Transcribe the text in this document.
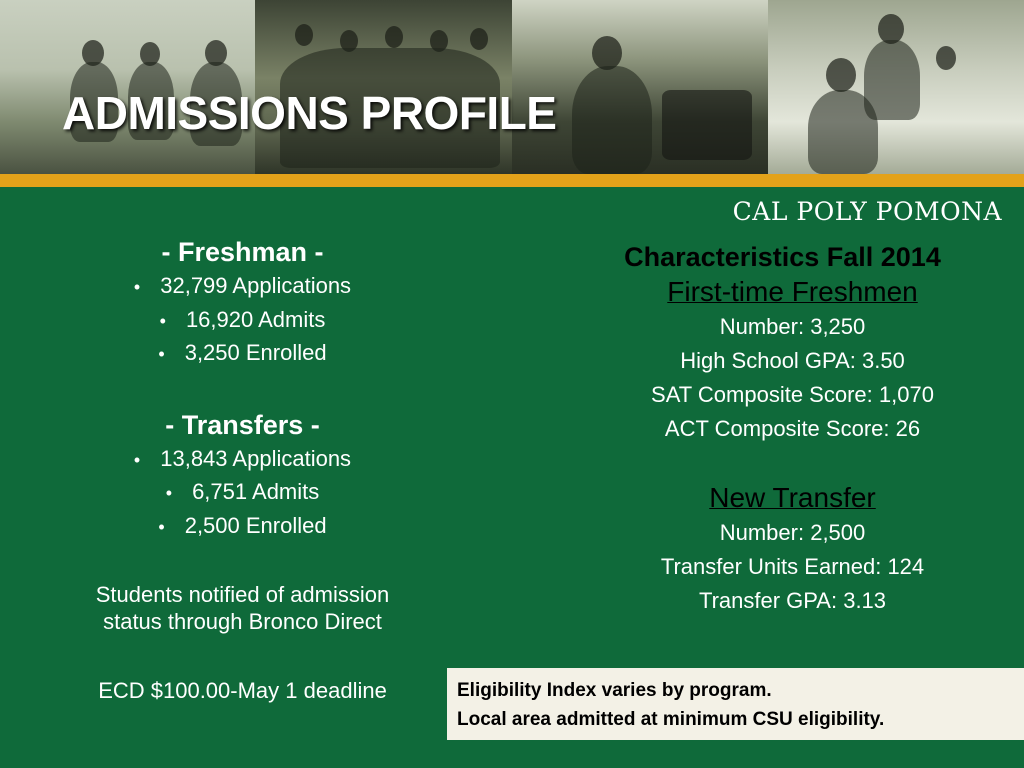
ADMISSIONS PROFILE
CAL POLY POMONA

- Freshman -

• 32,799 Applications
• 16,920 Admits
• 3,250 Enrolled

- Transfers -

• 13,843 Applications
• 6,751 Admits
• 2,500 Enrolled

Students notified of admission

status through Bronco Direct

ECD $100.00-May 1 deadline

Characteristics Fall 2014

First-time Freshmen

Number: 3,250

High School GPA: 3.50

SAT Composite Score: 1,070

ACT Composite Score: 26

New Transfer

Number: 2,500

Transfer Units Earned: 124

Transfer GPA: 3.13

Eligibility Index varies by program.
Local area admitted at minimum CSU eligibility.
